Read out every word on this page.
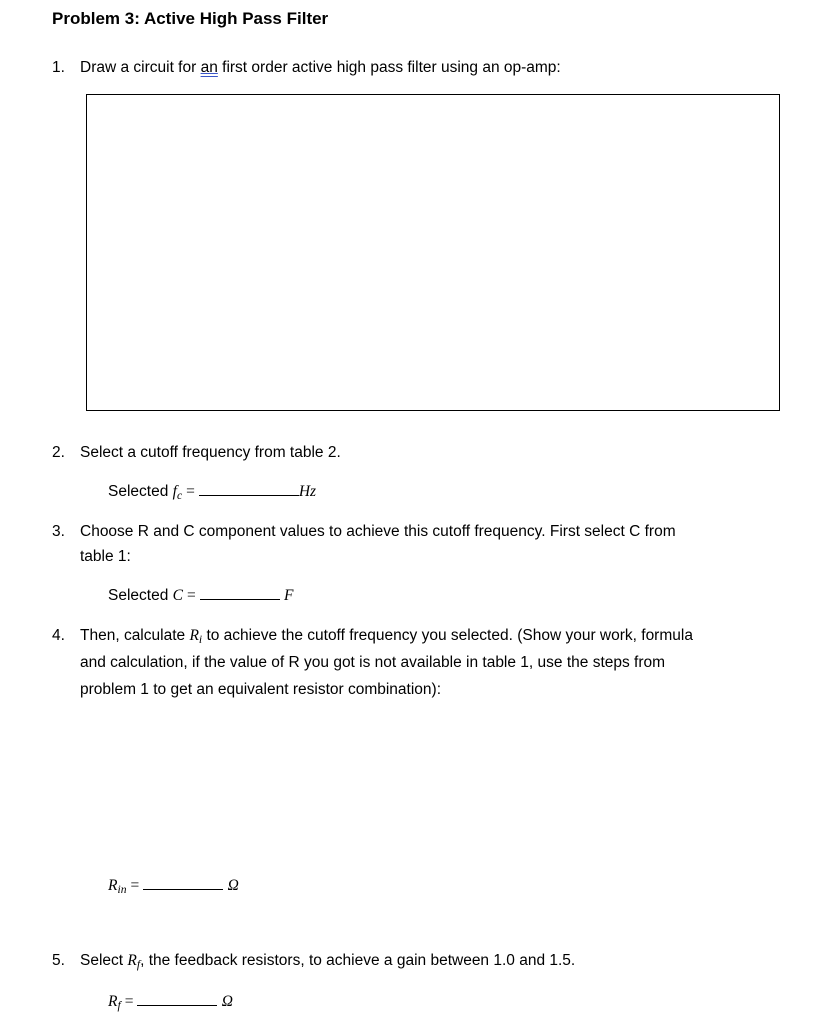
Problem 3: Active High Pass Filter
1. Draw a circuit for an first order active high pass filter using an op-amp:
2. Select a cutoff frequency from table 2.
Selected $f_c$ =	Hz
3. Choose R and C component values to achieve this cutoff frequency. First select C from
table 1:
Selected C =	F
4. Then, calculate $R_i$ to achieve the cutoff frequency you selected. (Show your work, formula
and calculation, if the value of R you got is not available in table 1, use the steps from
problem 1 to get an equivalent resistor combination):
$R_{in}$ =	Ω
5. Select $R_f$, the feedback resistors, to achieve a gain between 1.0 and 1.5.
$R_f$ =	Ω
